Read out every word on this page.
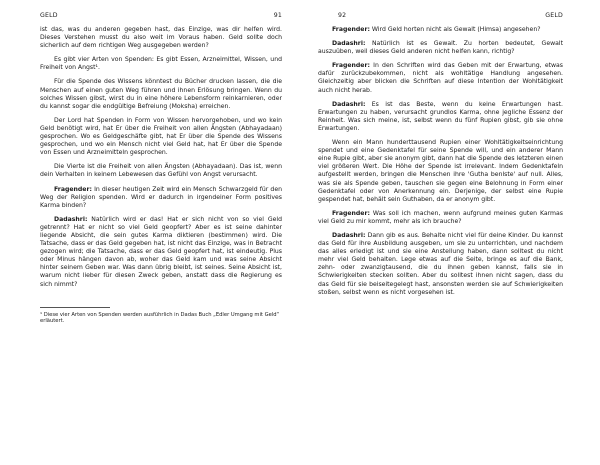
GELD	91

ist das, was du anderen gegeben hast, das Einzige, was dir helfen wird. Dieses Verstehen musst du also weit im Voraus haben. Geld sollte doch sicherlich auf dem richtigen Weg ausgegeben werden?

Es gibt vier Arten von Spenden: Es gibt Essen, Arzneimittel, Wissen, und Freiheit von Angst¹.

Für die Spende des Wissens könntest du Bücher drucken lassen, die die Menschen auf einen guten Weg führen und ihnen Erlösung bringen. Wenn du solches Wissen gibst, wirst du in eine höhere Lebensform reinkarnieren, oder du kannst sogar die endgültige Befreiung (Moksha) erreichen.

Der Lord hat Spenden in Form von Wissen hervorgehoben, und wo kein Geld benötigt wird, hat Er über die Freiheit von allen Ängsten (Abhayadaan) gesprochen. Wo es Geldgeschäfte gibt, hat Er über die Spende des Wissens gesprochen, und wo ein Mensch nicht viel Geld hat, hat Er über die Spende von Essen und Arzneimitteln gesprochen.

Die Vierte ist die Freiheit von allen Ängsten (Abhayadaan). Das ist, wenn dein Verhalten in keinem Lebewesen das Gefühl von Angst verursacht.

Fragender: In dieser heutigen Zeit wird ein Mensch Schwarzgeld für den Weg der Religion spenden. Wird er dadurch in irgendeiner Form positives Karma binden?

Dadashri: Natürlich wird er das! Hat er sich nicht von so viel Geld getrennt? Hat er nicht so viel Geld geopfert? Aber es ist seine dahinter liegende Absicht, die sein gutes Karma diktieren (bestimmen) wird. Die Tatsache, dass er das Geld gegeben hat, ist nicht das Einzige, was in Betracht gezogen wird; die Tatsache, dass er das Geld geopfert hat, ist eindeutig. Plus oder Minus hängen davon ab, woher das Geld kam und was seine Absicht hinter seinem Geben war. Was dann übrig bleibt, ist seines. Seine Absicht ist, warum nicht lieber für diesen Zweck geben, anstatt dass die Regierung es sich nimmt?

¹ Diese vier Arten von Spenden werden ausführlich in Dadas Buch „Edler Umgang mit Geld“ erläutert.

92	GELD

Fragender: Wird Geld horten nicht als Gewalt (Himsa) angesehen?

Dadashri: Natürlich ist es Gewalt. Zu horten bedeutet, Gewalt auszuüben, weil dieses Geld anderen nicht helfen kann, richtig?

Fragender: In den Schriften wird das Geben mit der Erwartung, etwas dafür zurückzubekommen, nicht als wohltätige Handlung angesehen. Gleichzeitig aber blicken die Schriften auf diese Intention der Wohltätigkeit auch nicht herab.

Dadashri: Es ist das Beste, wenn du keine Erwartungen hast. Erwartungen zu haben, verursacht grundlos Karma, ohne jegliche Essenz der Reinheit. Was sich meine, ist, selbst wenn du fünf Rupien gibst, gib sie ohne Erwartungen.

Wenn ein Mann hunderttausend Rupien einer Wohltätigkeitseinrichtung spendet und eine Gedenktafel für seine Spende will, und ein anderer Mann eine Rupie gibt, aber sie anonym gibt, dann hat die Spende des letzteren einen viel größeren Wert. Die Höhe der Spende ist irrelevant. Indem Gedenktafeln aufgestellt werden, bringen die Menschen ihre 'Gutha benlste' auf null. Alles, was sie als Spende geben, tauschen sie gegen eine Belohnung in Form einer Gedenktafel oder von Anerkennung ein. Derjenige, der selbst eine Rupie gespendet hat, behält sein Guthaben, da er anonym gibt.

Fragender: Was soll ich machen, wenn aufgrund meines guten Karmas viel Geld zu mir kommt, mehr als ich brauche?

Dadashri: Dann gib es aus. Behalte nicht viel für deine Kinder. Du kannst das Geld für ihre Ausbildung ausgeben, um sie zu unterrichten, und nachdem das alles erledigt ist und sie eine Anstellung haben, dann solltest du nicht mehr viel Geld behalten. Lege etwas auf die Seite, bringe es auf die Bank, zehn- oder zwanzigtausend, die du ihnen geben kannst, falls sie in Schwierigkeiten stecken sollten. Aber du solltest ihnen nicht sagen, dass du das Geld für sie beiseitegelegt hast, ansonsten werden sie auf Schwierigkeiten stoßen, selbst wenn es nicht vorgesehen ist.
